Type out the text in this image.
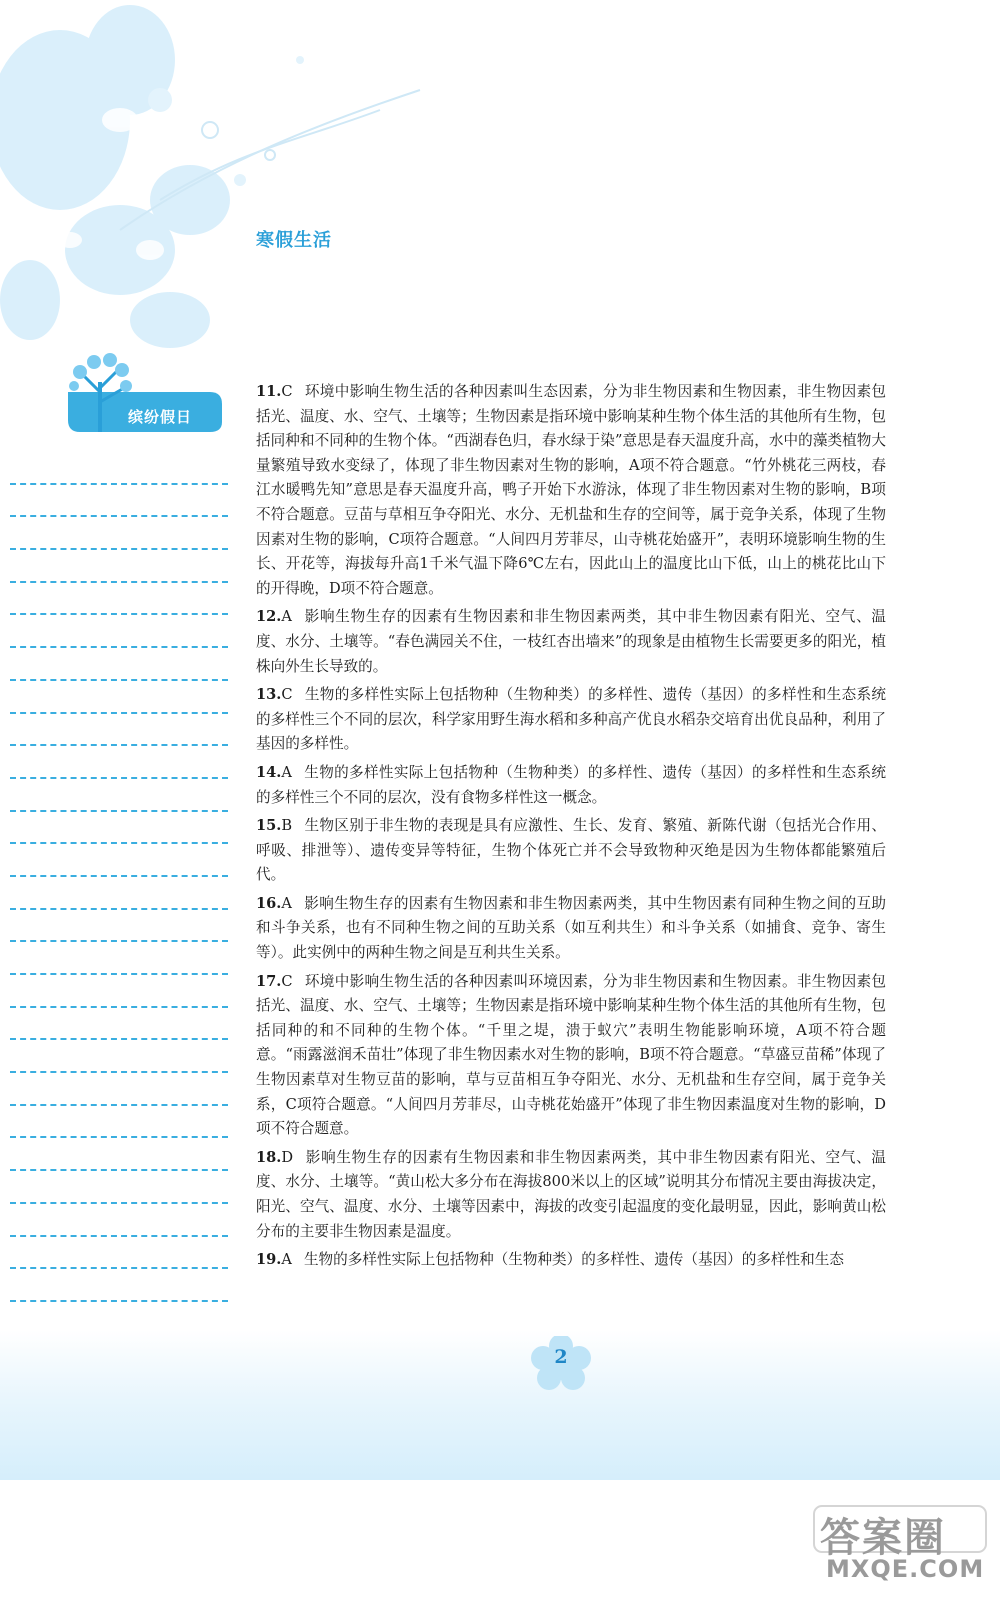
寒假生活
缤纷假日
11.C 环境中影响生物生活的各种因素叫生态因素，分为非生物因素和生物因素，非生物因素包括光、温度、水、空气、土壤等；生物因素是指环境中影响某种生物个体生活的其他所有生物，包括同种和不同种的生物个体。“西湖春色归，春水绿于染”意思是春天温度升高，水中的藻类植物大量繁殖导致水变绿了，体现了非生物因素对生物的影响，A项不符合题意。“竹外桃花三两枝，春江水暖鸭先知”意思是春天温度升高，鸭子开始下水游泳，体现了非生物因素对生物的影响，B项不符合题意。豆苗与草相互争夺阳光、水分、无机盐和生存的空间等，属于竞争关系，体现了生物因素对生物的影响，C项符合题意。“人间四月芳菲尽，山寺桃花始盛开”，表明环境影响生物的生长、开花等，海拔每升高1千米气温下降6℃左右，因此山上的温度比山下低，山上的桃花比山下的开得晚，D项不符合题意。
12.A 影响生物生存的因素有生物因素和非生物因素两类，其中非生物因素有阳光、空气、温度、水分、土壤等。“春色满园关不住，一枝红杏出墙来”的现象是由植物生长需要更多的阳光，植株向外生长导致的。
13.C 生物的多样性实际上包括物种（生物种类）的多样性、遗传（基因）的多样性和生态系统的多样性三个不同的层次，科学家用野生海水稻和多种高产优良水稻杂交培育出优良品种，利用了基因的多样性。
14.A 生物的多样性实际上包括物种（生物种类）的多样性、遗传（基因）的多样性和生态系统的多样性三个不同的层次，没有食物多样性这一概念。
15.B 生物区别于非生物的表现是具有应激性、生长、发育、繁殖、新陈代谢（包括光合作用、呼吸、排泄等）、遗传变异等特征，生物个体死亡并不会导致物种灭绝是因为生物体都能繁殖后代。
16.A 影响生物生存的因素有生物因素和非生物因素两类，其中生物因素有同种生物之间的互助和斗争关系，也有不同种生物之间的互助关系（如互利共生）和斗争关系（如捕食、竞争、寄生等）。此实例中的两种生物之间是互利共生关系。
17.C 环境中影响生物生活的各种因素叫环境因素，分为非生物因素和生物因素。非生物因素包括光、温度、水、空气、土壤等；生物因素是指环境中影响某种生物个体生活的其他所有生物，包括同种的和不同种的生物个体。“千里之堤，溃于蚁穴”表明生物能影响环境，A项不符合题意。“雨露滋润禾苗壮”体现了非生物因素水对生物的影响，B项不符合题意。“草盛豆苗稀”体现了生物因素草对生物豆苗的影响，草与豆苗相互争夺阳光、水分、无机盐和生存空间，属于竞争关系，C项符合题意。“人间四月芳菲尽，山寺桃花始盛开”体现了非生物因素温度对生物的影响，D项不符合题意。
18.D 影响生物生存的因素有生物因素和非生物因素两类，其中非生物因素有阳光、空气、温度、水分、土壤等。“黄山松大多分布在海拔800米以上的区域”说明其分布情况主要由海拔决定，阳光、空气、温度、水分、土壤等因素中，海拔的改变引起温度的变化最明显，因此，影响黄山松分布的主要非生物因素是温度。
19.A 生物的多样性实际上包括物种（生物种类）的多样性、遗传（基因）的多样性和生态
2
答案圈
MXQE.COM
